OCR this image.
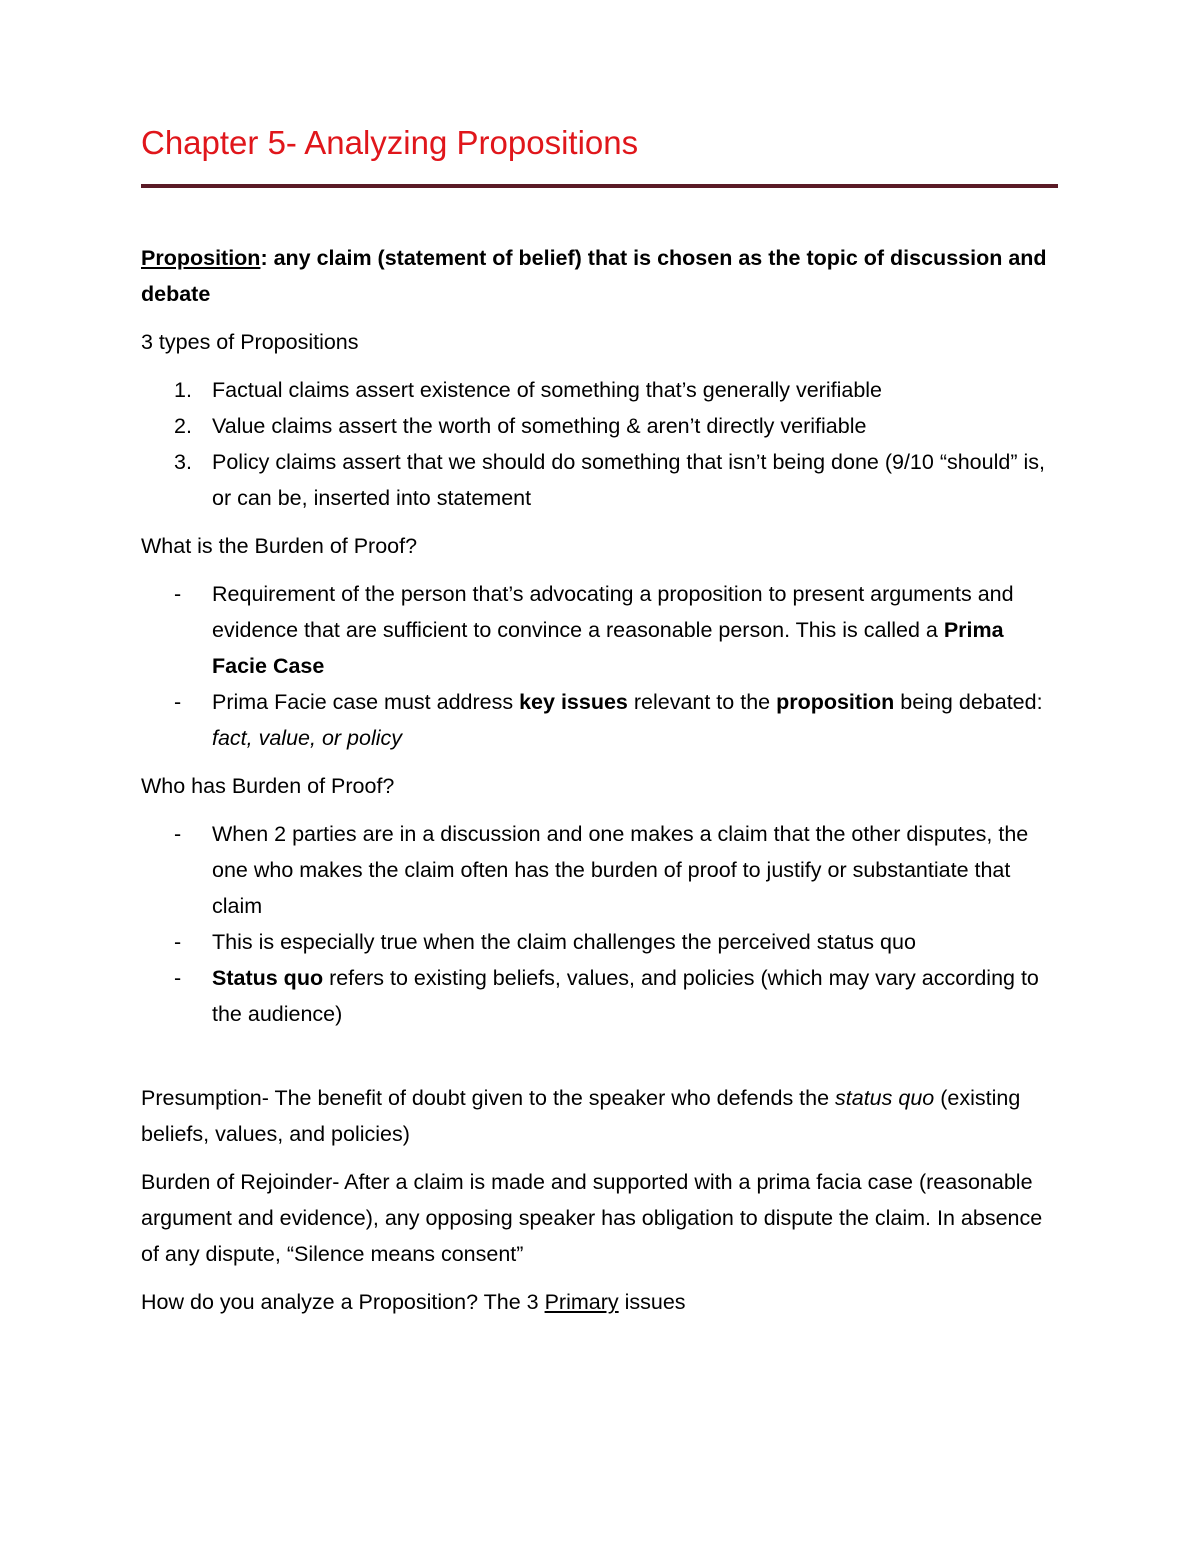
Chapter 5- Analyzing Propositions

Proposition: any claim (statement of belief) that is chosen as the topic of discussion and debate

3 types of Propositions

1. Factual claims assert existence of something that’s generally verifiable
2. Value claims assert the worth of something & aren’t directly verifiable
3. Policy claims assert that we should do something that isn’t being done (9/10 “should” is, or can be, inserted into statement

What is the Burden of Proof?

- Requirement of the person that’s advocating a proposition to present arguments and evidence that are sufficient to convince a reasonable person. This is called a Prima Facie Case
- Prima Facie case must address key issues relevant to the proposition being debated: fact, value, or policy

Who has Burden of Proof?

- When 2 parties are in a discussion and one makes a claim that the other disputes, the one who makes the claim often has the burden of proof to justify or substantiate that claim
- This is especially true when the claim challenges the perceived status quo
- Status quo refers to existing beliefs, values, and policies (which may vary according to the audience)

Presumption- The benefit of doubt given to the speaker who defends the status quo (existing beliefs, values, and policies)

Burden of Rejoinder- After a claim is made and supported with a prima facia case (reasonable argument and evidence), any opposing speaker has obligation to dispute the claim. In absence of any dispute, “Silence means consent”

How do you analyze a Proposition? The 3 Primary issues
